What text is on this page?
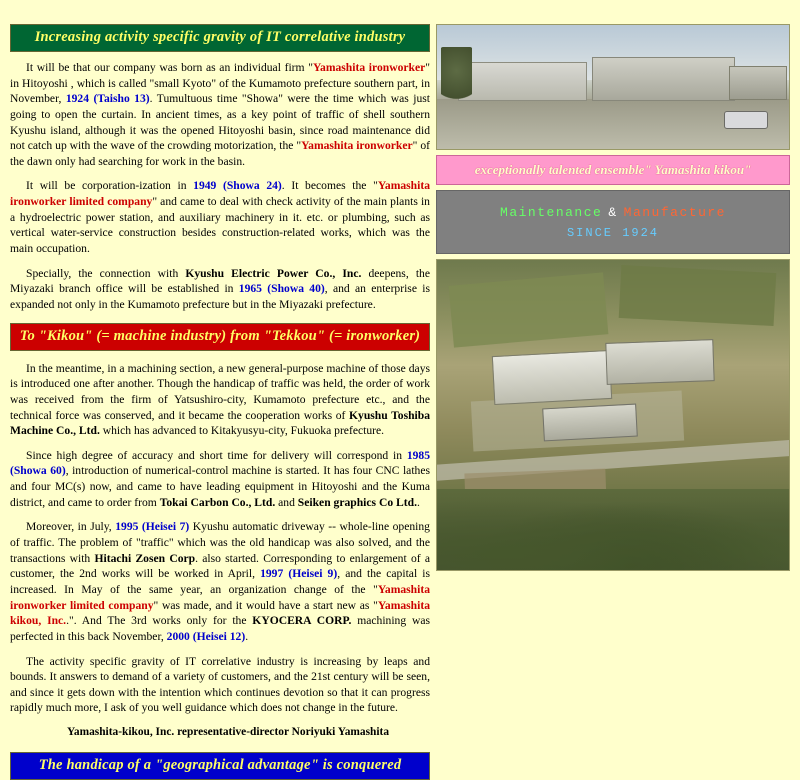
Increasing activity specific gravity of IT correlative industry

It will be that our company was born as an individual firm "Yamashita ironworker" in Hitoyoshi , which is called "small Kyoto" of the Kumamoto prefecture southern part, in November, 1924 (Taisho 13). Tumultuous time "Showa" were the time which was just going to open the curtain. In ancient times, as a key point of traffic of shell southern Kyushu island, although it was the opened Hitoyoshi basin, since road maintenance did not catch up with the wave of the crowding motorization, the "Yamashita ironworker" of the dawn only had searching for work in the basin.

It will be corporation-ization in 1949 (Showa 24). It becomes the "Yamashita ironworker limited company" and came to deal with check activity of the main plants in a hydroelectric power station, and auxiliary machinery in it. etc. or plumbing, such as vertical water-service construction besides construction-related works, which was the main occupation.

Specially, the connection with Kyushu Electric Power Co., Inc. deepens, the Miyazaki branch office will be established in 1965 (Showa 40), and an enterprise is expanded not only in the Kumamoto prefecture but in the Miyazaki prefecture.

To "Kikou" (= machine industry) from "Tekkou" (= ironworker)

In the meantime, in a machining section, a new general-purpose machine of those days is introduced one after another. Though the handicap of traffic was held, the order of work was received from the firm of Yatsushiro-city, Kumamoto prefecture etc., and the technical force was conserved, and it became the cooperation works of Kyushu Toshiba Machine Co., Ltd. which has advanced to Kitakyusyu-city, Fukuoka prefecture.

Since high degree of accuracy and short time for delivery will correspond in 1985 (Showa 60), introduction of numerical-control machine is started. It has four CNC lathes and four MC(s) now, and came to have leading equipment in Hitoyoshi and the Kuma district, and came to order from Tokai Carbon Co., Ltd. and Seiken graphics Co Ltd..

Moreover, in July, 1995 (Heisei 7) Kyushu automatic driveway -- whole-line opening of traffic. The problem of "traffic" which was the old handicap was also solved, and the transactions with Hitachi Zosen Corp. also started. Corresponding to enlargement of a customer, the 2nd works will be worked in April, 1997 (Heisei 9), and the capital is increased. In May of the same year, an organization change of the "Yamashita ironworker limited company" was made, and it would have a start new as "Yamashita kikou, Inc..". And The 3rd works only for the KYOCERA CORP. machining was perfected in this back November, 2000 (Heisei 12).

The activity specific gravity of IT correlative industry is increasing by leaps and bounds. It answers to demand of a variety of customers, and the 21st century will be seen, and since it gets down with the intention which continues devotion so that it can progress rapidly much more, I ask of you well guidance which does not change in the future.

Yamashita-kikou, Inc. representative-director Noriyuki Yamashita

The handicap of a "geographical advantage" is conquered
exceptionally talented ensemble" Yamashita kikou"
Maintenance & Manufacture
SINCE 1924
